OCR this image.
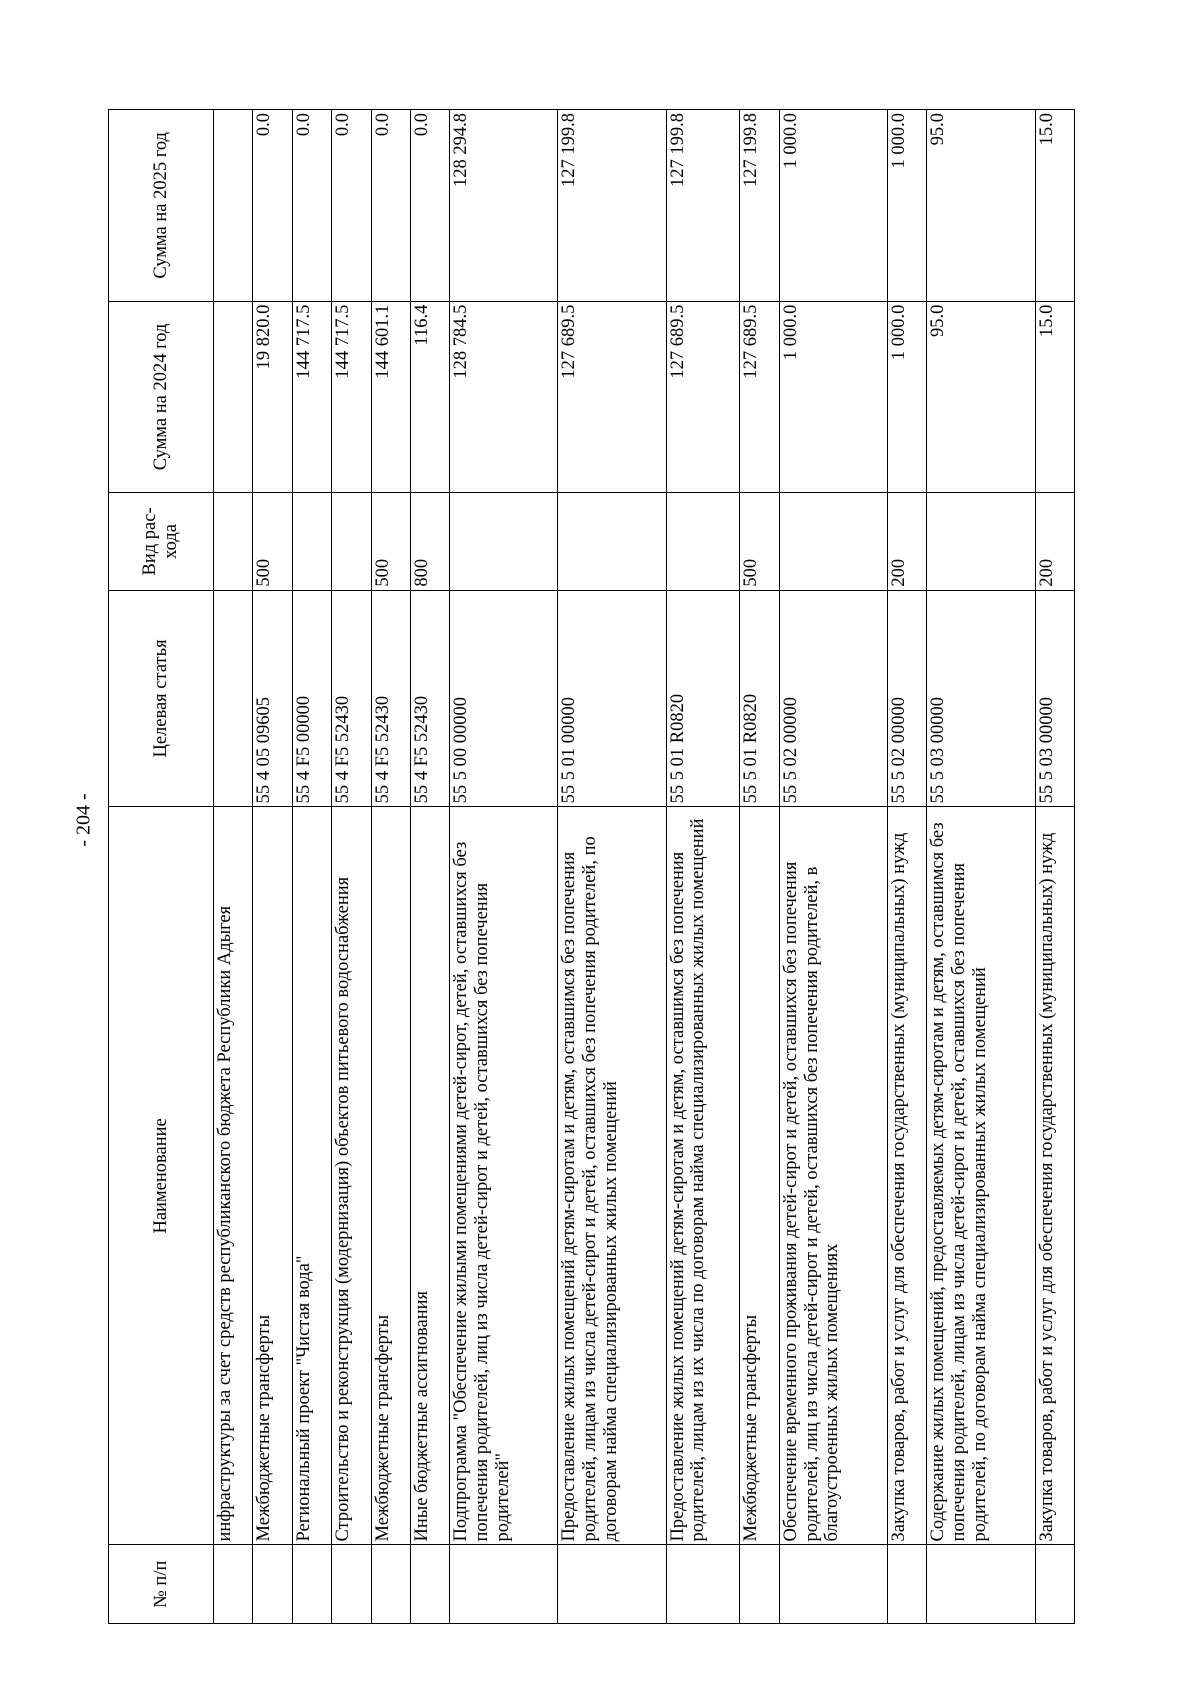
- 204 -
№ п/п	Наименование	Целевая статья	Вид рас-хода	Сумма на 2024 год	Сумма на 2025 год
	инфраструктуры за счет средств республиканского бюджета Республики Адыгея				
	Межбюджетные трансферты	55 4 05 09605	500	19 820.0	0.0
	Региональный проект "Чистая вода"	55 4 F5 00000		144 717.5	0.0
	Строительство и реконструкция (модернизация) объектов питьевого водоснабжения	55 4 F5 52430		144 717.5	0.0
	Межбюджетные трансферты	55 4 F5 52430	500	144 601.1	0.0
	Иные бюджетные ассигнования	55 4 F5 52430	800	116.4	0.0
	Подпрограмма "Обеспечение жилыми помещениями детей-сирот, детей, оставшихся без попечения родителей, лиц из числа детей-сирот и детей, оставшихся без попечения родителей"	55 5 00 00000		128 784.5	128 294.8
	Предоставление жилых помещений детям-сиротам и детям, оставшимся без попечения родителей, лицам из числа детей-сирот и детей, оставшихся без попечения родителей, по договорам найма специализированных жилых помещений	55 5 01 00000		127 689.5	127 199.8
	Предоставление жилых помещений детям-сиротам и детям, оставшимся без попечения родителей, лицам из их числа по договорам найма специализированных жилых помещений	55 5 01 R0820		127 689.5	127 199.8
	Межбюджетные трансферты	55 5 01 R0820	500	127 689.5	127 199.8
	Обеспечение временного проживания детей-сирот и детей, оставшихся без попечения родителей, лиц из числа детей-сирот и детей, оставшихся без попечения родителей, в благоустроенных жилых помещениях	55 5 02 00000		1 000.0	1 000.0
	Закупка товаров, работ и услуг для обеспечения государственных (муниципальных) нужд	55 5 02 00000	200	1 000.0	1 000.0
	Содержание жилых помещений, предоставляемых детям-сиротам и детям, оставшимся без попечения родителей, лицам из числа детей-сирот и детей, оставшихся без попечения родителей, по договорам найма специализированных жилых помещений	55 5 03 00000		95.0	95.0
	Закупка товаров, работ и услуг для обеспечения государственных (муниципальных) нужд	55 5 03 00000	200	15.0	15.0
